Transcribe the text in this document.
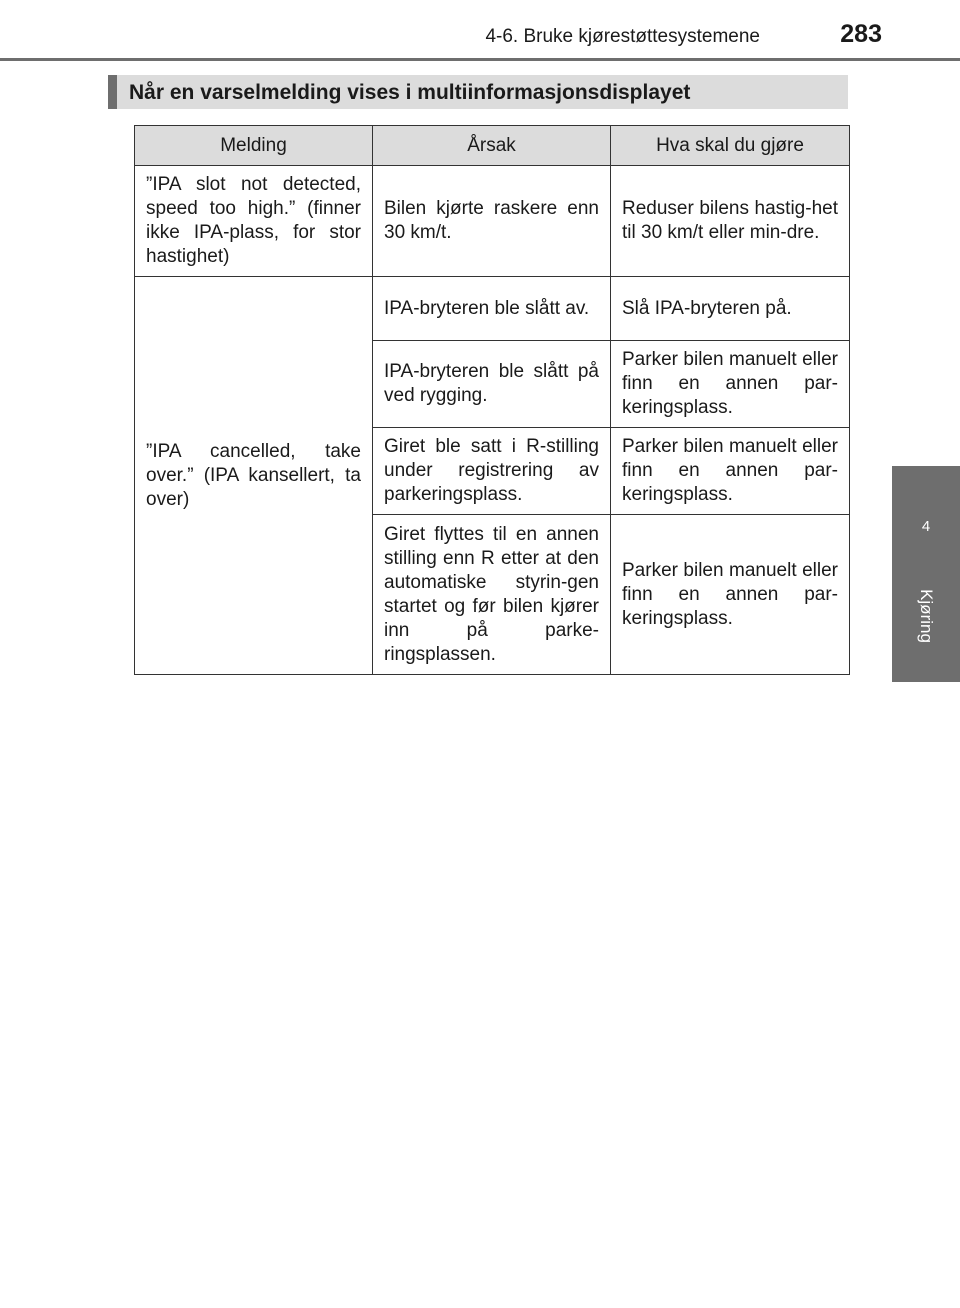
4-6. Bruke kjørestøttesystemene	283
4
Kjøring
Når en varselmelding vises i multiinformasjonsdisplayet
Melding	Årsak	Hva skal du gjøre
”IPA slot not detected, speed too high.” (finner ikke IPA-plass, for stor hastighet)	Bilen kjørte raskere enn 30 km/t.	Reduser bilens hastig-het til 30 km/t eller min-dre.
”IPA cancelled, take over.” (IPA kansellert, ta over)	IPA-bryteren ble slått av.	Slå IPA-bryteren på.
	IPA-bryteren ble slått på ved rygging.	Parker bilen manuelt eller finn en annen par-keringsplass.
	Giret ble satt i R-stilling under registrering av parkeringsplass.	Parker bilen manuelt eller finn en annen par-keringsplass.
	Giret flyttes til en annen stilling enn R etter at den automatiske styrin-gen startet og før bilen kjører inn på parke-ringsplassen.	Parker bilen manuelt eller finn en annen par-keringsplass.
